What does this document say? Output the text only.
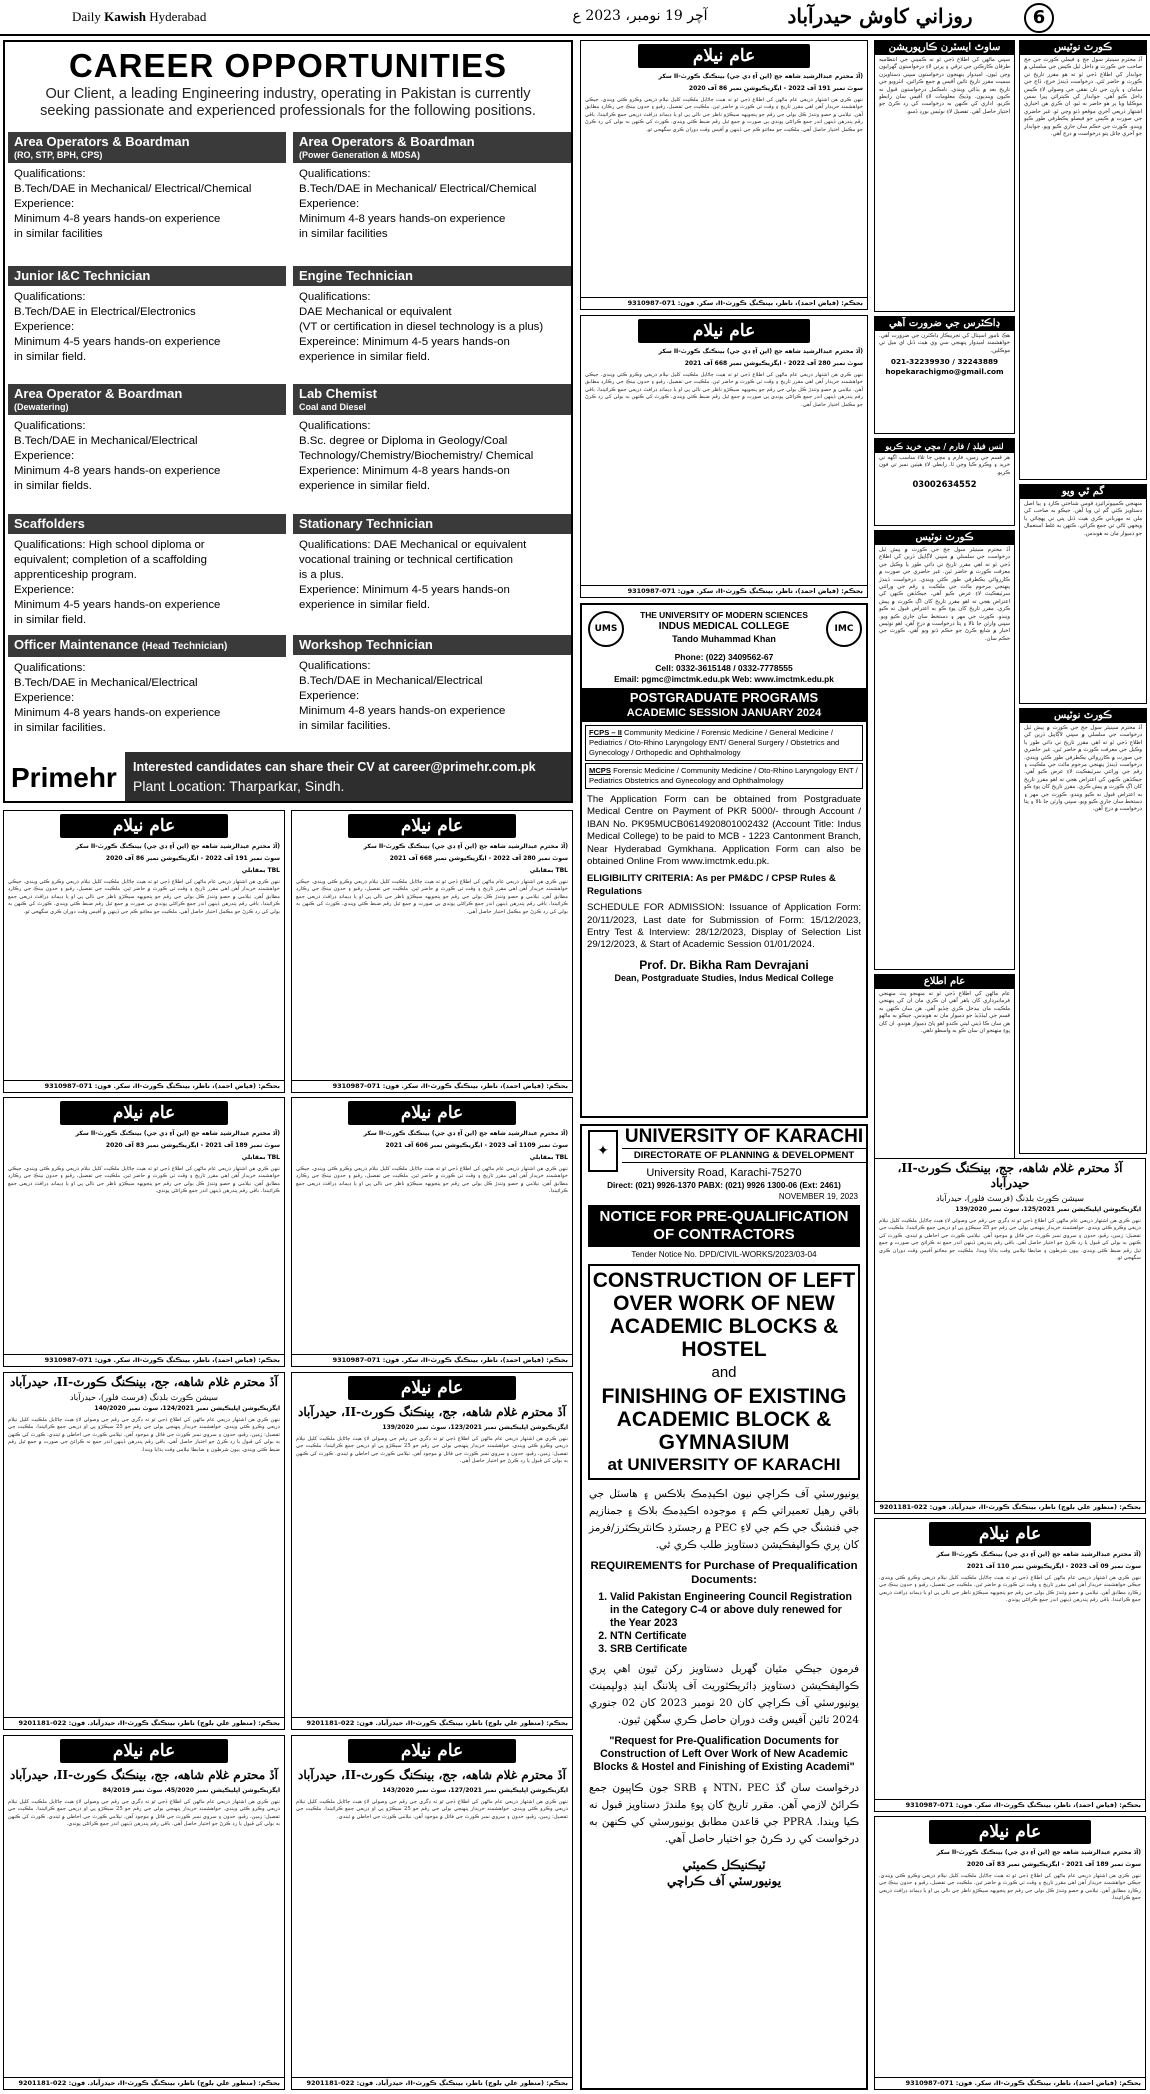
Daily Kawish Hyderabad	آچر 19 نومبر، 2023 ع	روزاني كاوش حيدرآباد	6
CAREER OPPORTUNITIES
Our Client, a leading Engineering industry, operating in Pakistan is currently seeking passionate and experienced professionals for the following positions.
Area Operators & Boardman
(RO, STP, BPH, CPS)
Qualifications:
B.Tech/DAE in Mechanical/ Electrical/Chemical
Experience:
Minimum 4-8 years hands-on experience
in similar facilities
Area Operators & Boardman
(Power Generation & MDSA)
Qualifications:
B.Tech/DAE in Mechanical/ Electrical/Chemical
Experience:
Minimum 4-8 years hands-on experience
in similar facilities
Junior I&C Technician
Qualifications:
B.Tech/DAE in Electrical/Electronics
Experience:
Minimum 4-5 years hands-on experience
in similar field.
Engine Technician
Qualifications:
DAE Mechanical or equivalent
(VT or certification in diesel technology is a plus)
Expereince: Minimum 4-5 years hands-on
experience in similar field.
Area Operator & Boardman
(Dewatering)
Qualifications:
B.Tech/DAE in Mechanical/Electrical
Experience:
Minimum 4-8 years hands-on experience
in similar fields.
Lab Chemist
Coal and Diesel
Qualifications:
B.Sc. degree or Diploma in Geology/Coal
Technology/Chemistry/Biochemistry/ Chemical
Experience: Minimum 4-8 years hands-on
experience in similar field.
Scaffolders
Qualifications: High school diploma or
equivalent; completion of a scaffolding
apprenticeship program.
Experience:
Minimum 4-5 years hands-on experience
in similar field.
Stationary Technician
Qualifications: DAE Mechanical or equivalent
vocational training or technical certification
is a plus.
Experience: Minimum 4-5 years hands-on
experience in similar field.
Officer Maintenance (Head Technician)
Qualifications:
B.Tech/DAE in Mechanical/Electrical
Experience:
Minimum 4-8 years hands-on experience
in similar facilities.
Workshop Technician
Qualifications:
B.Tech/DAE in Mechanical/Electrical
Experience:
Minimum 4-8 years hands-on experience
in similar facilities.
Primehr	Interested candidates can share their CV at career@primehr.com.pk
Plant Location: Tharparkar, Sindh.
عام نيلام
(آڏ محترم عبدالرشيد شاهه جج (اين آءِ ڊي جي) بينڪنگ ڪورٽ-II سکر
سوٽ نمبر 191 آف 2022 - ايگزيڪيوشن نمبر 86 آف 2020
TBL بمقابلي
ننهن ڪري هن اشتهار ذريعي عام ماڻهن کي اطلاع ڏجي ٿو ته هيٺ ڄاڻايل ملڪيت کليل نيلام ذريعي وڪرو ڪئي ويندي. جيڪي خواهشمند خريدار آهن اهي مقرر تاريخ ۽ وقت تي ڪورٽ ۾ حاضر ٿين. ملڪيت جي تفصيل، رقبو ۽ حدون بينڪ جي رڪارڊ مطابق آهن. نيلامي ۾ حصو وٺندڙ ڪل بولي جي رقم جو پنجويهه سيڪڙو ناظر جي نالي پي او يا ڊيمانڊ ڊرافٽ ذريعي جمع ڪرائيندا. باقي رقم پندرهن ڏينهن اندر جمع ڪرائڻي پوندي ٻي صورت ۾ جمع ٿيل رقم ضبط ڪئي ويندي. ڪورٽ کي ڪنهن به بولي کي رد ڪرڻ جو مڪمل اختيار حاصل آهي. ملڪيت جو معائنو ڪم جي ڏينهن ۾ آفيس وقت دوران ڪري سگهجي ٿو.
بحڪم: (فياض احمد)، ناظر، بينڪنگ ڪورٽ-II، سکر. فون: 071-9310987
عام نيلام
(آڏ محترم عبدالرشيد شاهه جج (اين آءِ ڊي جي) بينڪنگ ڪورٽ-II سکر
سوٽ نمبر 280 آف 2022 - ايگزيڪيوشن نمبر 668 آف 2021
TBL بمقابلي
ننهن ڪري هن اشتهار ذريعي عام ماڻهن کي اطلاع ڏجي ٿو ته هيٺ ڄاڻايل ملڪيت کليل نيلام ذريعي وڪرو ڪئي ويندي. جيڪي خواهشمند خريدار آهن اهي مقرر تاريخ ۽ وقت تي ڪورٽ ۾ حاضر ٿين. ملڪيت جي تفصيل، رقبو ۽ حدون بينڪ جي رڪارڊ مطابق آهن. نيلامي ۾ حصو وٺندڙ ڪل بولي جي رقم جو پنجويهه سيڪڙو ناظر جي نالي پي او يا ڊيمانڊ ڊرافٽ ذريعي جمع ڪرائيندا. باقي رقم پندرهن ڏينهن اندر جمع ڪرائڻي پوندي ٻي صورت ۾ جمع ٿيل رقم ضبط ڪئي ويندي. ڪورٽ کي ڪنهن به بولي کي رد ڪرڻ جو مڪمل اختيار حاصل آهي.
بحڪم: (فياض احمد)، ناظر، بينڪنگ ڪورٽ-II، سکر. فون: 071-9310987
عام نيلام
(آڏ محترم عبدالرشيد شاهه جج (اين آءِ ڊي جي) بينڪنگ ڪورٽ-II سکر
سوٽ نمبر 189 آف 2021 - ايگزيڪيوشن نمبر 83 آف 2020
TBL بمقابلي
ننهن ڪري هن اشتهار ذريعي عام ماڻهن کي اطلاع ڏجي ٿو ته هيٺ ڄاڻايل ملڪيت کليل نيلام ذريعي وڪرو ڪئي ويندي. جيڪي خواهشمند خريدار آهن اهي مقرر تاريخ ۽ وقت تي ڪورٽ ۾ حاضر ٿين. ملڪيت جي تفصيل، رقبو ۽ حدون بينڪ جي رڪارڊ مطابق آهن. نيلامي ۾ حصو وٺندڙ ڪل بولي جي رقم جو پنجويهه سيڪڙو ناظر جي نالي پي او يا ڊيمانڊ ڊرافٽ ذريعي جمع ڪرائيندا. باقي رقم پندرهن ڏينهن اندر جمع ڪرائڻي پوندي.
بحڪم: (فياض احمد)، ناظر، بينڪنگ ڪورٽ-II، سکر. فون: 071-9310987
عام نيلام
(آڏ محترم عبدالرشيد شاهه جج (اين آءِ ڊي جي) بينڪنگ ڪورٽ-II سکر
سوٽ نمبر 1109 آف 2023 - ايگزيڪيوشن نمبر 606 آف 2021
TBL بمقابلي
ننهن ڪري هن اشتهار ذريعي عام ماڻهن کي اطلاع ڏجي ٿو ته هيٺ ڄاڻايل ملڪيت کليل نيلام ذريعي وڪرو ڪئي ويندي. جيڪي خواهشمند خريدار آهن اهي مقرر تاريخ ۽ وقت تي ڪورٽ ۾ حاضر ٿين. ملڪيت جي تفصيل، رقبو ۽ حدون بينڪ جي رڪارڊ مطابق آهن. نيلامي ۾ حصو وٺندڙ ڪل بولي جي رقم جو پنجويهه سيڪڙو ناظر جي نالي پي او يا ڊيمانڊ ڊرافٽ ذريعي جمع ڪرائيندا.
بحڪم: (فياض احمد)، ناظر، بينڪنگ ڪورٽ-II، سکر. فون: 071-9310987
آڏ محترم غلام شاهه، جج، بينڪنگ ڪورٽ-II، حيدرآباد
سيشن ڪورٽ بلڊنگ (فرسٽ فلور)، حيدرآباد
ايگزيڪيوشن اپليڪيشن نمبر 124/2021، سوٽ نمبر 140/2020
ننهن ڪري هن اشتهار ذريعي عام ماڻهن کي اطلاع ڏجي ٿو ته ڊگري جي رقم جي وصولي لاءِ هيٺ ڄاڻايل ملڪيت کليل نيلام ذريعي وڪرو ڪئي ويندي. خواهشمند خريدار پنهنجي بولي جي رقم جو 25 سيڪڙو پي او ذريعي جمع ڪرائيندا. ملڪيت جي تفصيل: زمين، رقبو، حدون ۽ سروي نمبر ڪورٽ جي فائل ۾ موجود آهن. نيلامي ڪورٽ جي احاطي ۾ ٿيندي. ڪورٽ کي ڪنهن به بولي کي قبول يا رد ڪرڻ جو اختيار حاصل آهي. باقي رقم پندرهن ڏينهن اندر جمع نه ڪرائڻ جي صورت ۾ جمع ٿيل رقم ضبط ڪئي ويندي. ٻيون شرطون ۽ ضابطا نيلامي وقت ٻڌايا ويندا.
بحڪم: (منظور علي بلوچ) ناظر، بينڪنگ ڪورٽ-II، حيدرآباد. فون: 022-9201181
عام نيلام
آڏ محترم غلام شاهه، جج، بينڪنگ ڪورٽ-II، حيدرآباد
ايگزيڪيوشن اپليڪيشن نمبر 123/2021، سوٽ نمبر 139/2020
ننهن ڪري هن اشتهار ذريعي عام ماڻهن کي اطلاع ڏجي ٿو ته ڊگري جي رقم جي وصولي لاءِ هيٺ ڄاڻايل ملڪيت کليل نيلام ذريعي وڪرو ڪئي ويندي. خواهشمند خريدار پنهنجي بولي جي رقم جو 25 سيڪڙو پي او ذريعي جمع ڪرائيندا. ملڪيت جي تفصيل: زمين، رقبو، حدون ۽ سروي نمبر ڪورٽ جي فائل ۾ موجود آهن. نيلامي ڪورٽ جي احاطي ۾ ٿيندي. ڪورٽ کي ڪنهن به بولي کي قبول يا رد ڪرڻ جو اختيار حاصل آهي.
بحڪم: (منظور علي بلوچ) ناظر، بينڪنگ ڪورٽ-II، حيدرآباد. فون: 022-9201181
عام نيلام
آڏ محترم غلام شاهه، جج، بينڪنگ ڪورٽ-II، حيدرآباد
ايگزيڪيوشن اپليڪيشن نمبر 45/2020، سوٽ نمبر 84/2019
ننهن ڪري هن اشتهار ذريعي عام ماڻهن کي اطلاع ڏجي ٿو ته ڊگري جي رقم جي وصولي لاءِ هيٺ ڄاڻايل ملڪيت کليل نيلام ذريعي وڪرو ڪئي ويندي. خواهشمند خريدار پنهنجي بولي جي رقم جو 25 سيڪڙو پي او ذريعي جمع ڪرائيندا. ملڪيت جي تفصيل: زمين، رقبو، حدون ۽ سروي نمبر ڪورٽ جي فائل ۾ موجود آهن. نيلامي ڪورٽ جي احاطي ۾ ٿيندي. ڪورٽ کي ڪنهن به بولي کي قبول يا رد ڪرڻ جو اختيار حاصل آهي. باقي رقم پندرهن ڏينهن اندر جمع ڪرائڻي پوندي.
بحڪم: (منظور علي بلوچ) ناظر، بينڪنگ ڪورٽ-II، حيدرآباد. فون: 022-9201181
عام نيلام
آڏ محترم غلام شاهه، جج، بينڪنگ ڪورٽ-II، حيدرآباد
ايگزيڪيوشن اپليڪيشن نمبر 127/2021، سوٽ نمبر 143/2020
ننهن ڪري هن اشتهار ذريعي عام ماڻهن کي اطلاع ڏجي ٿو ته ڊگري جي رقم جي وصولي لاءِ هيٺ ڄاڻايل ملڪيت کليل نيلام ذريعي وڪرو ڪئي ويندي. خواهشمند خريدار پنهنجي بولي جي رقم جو 25 سيڪڙو پي او ذريعي جمع ڪرائيندا. ملڪيت جي تفصيل: زمين، رقبو، حدون ۽ سروي نمبر ڪورٽ جي فائل ۾ موجود آهن. نيلامي ڪورٽ جي احاطي ۾ ٿيندي.
بحڪم: (منظور علي بلوچ) ناظر، بينڪنگ ڪورٽ-II، حيدرآباد. فون: 022-9201181
عام نيلام
(آڏ محترم عبدالرشيد شاهه جج (اين آءِ ڊي جي) بينڪنگ ڪورٽ-II سکر
سوٽ نمبر 191 آف 2022 - ايگزيڪيوشن نمبر 86 آف 2020
ننهن ڪري هن اشتهار ذريعي عام ماڻهن کي اطلاع ڏجي ٿو ته هيٺ ڄاڻايل ملڪيت کليل نيلام ذريعي وڪرو ڪئي ويندي. جيڪي خواهشمند خريدار آهن اهي مقرر تاريخ ۽ وقت تي ڪورٽ ۾ حاضر ٿين. ملڪيت جي تفصيل، رقبو ۽ حدون بينڪ جي رڪارڊ مطابق آهن. نيلامي ۾ حصو وٺندڙ ڪل بولي جي رقم جو پنجويهه سيڪڙو ناظر جي نالي پي او يا ڊيمانڊ ڊرافٽ ذريعي جمع ڪرائيندا. باقي رقم پندرهن ڏينهن اندر جمع ڪرائڻي پوندي ٻي صورت ۾ جمع ٿيل رقم ضبط ڪئي ويندي. ڪورٽ کي ڪنهن به بولي کي رد ڪرڻ جو مڪمل اختيار حاصل آهي. ملڪيت جو معائنو ڪم جي ڏينهن ۾ آفيس وقت دوران ڪري سگهجي ٿو.
بحڪم: (فياض احمد)، ناظر، بينڪنگ ڪورٽ-II، سکر. فون: 071-9310987
عام نيلام
(آڏ محترم عبدالرشيد شاهه جج (اين آءِ ڊي جي) بينڪنگ ڪورٽ-II سکر
سوٽ نمبر 280 آف 2022 - ايگزيڪيوشن نمبر 668 آف 2021
ننهن ڪري هن اشتهار ذريعي عام ماڻهن کي اطلاع ڏجي ٿو ته هيٺ ڄاڻايل ملڪيت کليل نيلام ذريعي وڪرو ڪئي ويندي. جيڪي خواهشمند خريدار آهن اهي مقرر تاريخ ۽ وقت تي ڪورٽ ۾ حاضر ٿين. ملڪيت جي تفصيل، رقبو ۽ حدون بينڪ جي رڪارڊ مطابق آهن. نيلامي ۾ حصو وٺندڙ ڪل بولي جي رقم جو پنجويهه سيڪڙو ناظر جي نالي پي او يا ڊيمانڊ ڊرافٽ ذريعي جمع ڪرائيندا. باقي رقم پندرهن ڏينهن اندر جمع ڪرائڻي پوندي ٻي صورت ۾ جمع ٿيل رقم ضبط ڪئي ويندي. ڪورٽ کي ڪنهن به بولي کي رد ڪرڻ جو مڪمل اختيار حاصل آهي.
بحڪم: (فياض احمد)، ناظر، بينڪنگ ڪورٽ-II، سکر. فون: 071-9310987
UMS	IMC
THE UNIVERSITY OF MODERN SCIENCES
INDUS MEDICAL COLLEGE
Tando Muhammad Khan
Phone: (022) 3409562-67
Cell: 0332-3615148 / 0332-7778555
Email: pgmc@imctmk.edu.pk Web: www.imctmk.edu.pk
POSTGRADUATE PROGRAMS
ACADEMIC SESSION JANUARY 2024
FCPS – II Community Medicine / Forensic Medicine / General Medicine / Pediatrics / Oto-Rhino Laryngology ENT/ General Surgery / Obstetrics and Gynecology / Orthopedic and Ophthalmology
MCPS Forensic Medicine / Community Medicine / Oto-Rhino Laryngology ENT / Pediatrics Obstetrics and Gynecology and Ophthalmology
The Application Form can be obtained from Postgraduate Medical Centre on Payment of PKR 5000/- through Account / IBAN No. PK95MUCB0614920801002432 (Account Title: Indus Medical College) to be paid to MCB - 1223 Cantonment Branch, Near Hyderabad Gymkhana. Application Form can also be obtained Online From www.imctmk.edu.pk.
ELIGIBILITY CRITERIA: As per PM&DC / CPSP Rules & Regulations
SCHEDULE FOR ADMISSION: Issuance of Application Form: 20/11/2023, Last date for Submission of Form: 15/12/2023, Entry Test & Interview: 28/12/2023, Display of Selection List 29/12/2023, & Start of Academic Session 01/01/2024.
Prof. Dr. Bikha Ram Devrajani
Dean, Postgraduate Studies, Indus Medical College
✦
UNIVERSITY OF KARACHI
DIRECTORATE OF PLANNING & DEVELOPMENT
University Road, Karachi-75270
Direct: (021) 9926-1370 PABX: (021) 9926 1300-06 (Ext: 2461)
NOVEMBER 19, 2023
NOTICE FOR PRE-QUALIFICATION OF CONTRACTORS
Tender Notice No. DPD/CIVIL-WORKS/2023/03-04
CONSTRUCTION OF LEFT OVER WORK OF NEW ACADEMIC BLOCKS & HOSTEL
and
FINISHING OF EXISTING ACADEMIC BLOCK & GYMNASIUM
at UNIVERSITY OF KARACHI
يونيورسٽي آف ڪراچي نيون اڪيڊمڪ بلاڪس ۽ هاسٽل جي باقي رهيل تعميراتي ڪم ۽ موجوده اڪيڊمڪ بلاڪ ۽ جمنازيم جي فنشنگ جي ڪم جي لاءِ PEC ۾ رجسٽرڊ ڪانٽريڪٽرز/فرمز کان پري ڪواليفڪيشن دستاويز طلب ڪري ٿي.
REQUIREMENTS for Purchase of Prequalification Documents:
1. Valid Pakistan Engineering Council Registration in the Category C-4 or above duly renewed for the Year 2023
2. NTN Certificate
3. SRB Certificate
فرمون جيڪي مٿيان گهربل دستاويز رکن ٿيون اهي پري ڪواليفڪيشن دستاويز ڊائريڪٽوريٽ آف پلاننگ اينڊ ڊولپمينٽ يونيورسٽي آف ڪراچي کان 20 نومبر 2023 کان 02 جنوري 2024 تائين آفيس وقت دوران حاصل ڪري سگهن ٿيون.
"Request for Pre-Qualification Documents for Construction of Left Over Work of New Academic Blocks & Hostel and Finishing of Existing Academi"
درخواست سان گڏ NTN، PEC ۽ SRB جون ڪاپيون جمع ڪرائڻ لازمي آهن. مقرر تاريخ کان پوءِ ملندڙ دستاويز قبول نه ڪيا ويندا. PPRA جي قاعدن مطابق يونيورسٽي کي ڪنهن به درخواست کي رد ڪرڻ جو اختيار حاصل آهي.
ٽيڪنيڪل ڪميٽي
يونيورسٽي آف ڪراچي
ساوٿ ايسٽرن ڪارپوريشن
سڀني ماڻهن کي اطلاع ڏجي ٿو ته ڪمپني جي انتظاميه طرفان ڪارڪنن جي ترقي ۽ ڀرتي لاءِ درخواستون گهرايون وڃن ٿيون. اميدوار پنهنجون درخواستون سڀني دستاويزن سميت مقرر تاريخ تائين آفيس ۾ جمع ڪرائين. انٽرويو جي تاريخ بعد ۾ ٻڌائي ويندي. نامڪمل درخواستون قبول نه ڪيون وينديون. وڌيڪ معلومات لاءِ آفيس سان رابطو ڪريو. اداري کي ڪنهن به درخواست کي رد ڪرڻ جو اختيار حاصل آهي. تفصيل لاءِ نوٽيس بورڊ ڏسو.
ڊاڪٽرس جي ضرورت آهي
هڪ نامور اسپتال کي تجربيڪار ڊاڪٽرن جي ضرورت آهي. خواهشمند اميدوار پنهنجي سي وي هيٺ ڏنل اي ميل تي موڪلين.
021-32239930 / 32243889
hopekarachigmo@gmail.com
لنس فيلڊ / فارم / مڇي خريد ڪريو
هر قسم جي زمين، فارم ۽ مڇي جا تلاءَ مناسب اگهه تي خريد ۽ وڪرو ڪيا وڃن ٿا. رابطي لاءِ هيٺين نمبر تي فون ڪريو.
03002634552
ڪورٽ نوٽيس
آڏ محترم سينيئر سول جج جي ڪورٽ ۾ پيش ٿيل درخواست جي سلسلي ۾ سڀني لاڳاپيل ڌرين کي اطلاع ڏجي ٿو ته اهي مقرر تاريخ تي ذاتي طور يا وڪيل جي معرفت ڪورٽ ۾ حاضر ٿين. غير حاضري جي صورت ۾ ڪارروائي يڪطرفي طور ڪئي ويندي. درخواست ڏيندڙ پنهنجي مرحوم مائٽ جي ملڪيت ۽ رقم جي وراثتي سرٽيفڪيٽ لاءِ عرض ڪيو آهي. جيڪڏهن ڪنهن کي اعتراض هجي ته اهو مقرر تاريخ کان اڳ ڪورٽ ۾ پيش ڪري. مقرر تاريخ کان پوءِ ڪو به اعتراض قبول نه ڪيو ويندو. ڪورٽ جي مهر ۽ دستخط سان جاري ڪيو ويو. سڀني وارثن جا نالا ۽ پتا درخواست ۾ درج آهن. اهو نوٽيس اخبار ۾ شايع ڪرڻ جو حڪم ڏنو ويو آهي. ڪورٽ جي حڪم سان.
عام اطلاع
عام ماڻهن کي اطلاع ڏجي ٿو ته منهنجو پٽ منهنجي فرمانبرداري کان ٻاهر آهي ان ڪري مان ان کي پنهنجي ملڪيت مان بيدخل ڪري ڇڏيو آهي. هن سان ڪنهن به قسم جي ليڏڏيڏ جو ذميوار مان نه هوندس. جيڪو به ماڻهو هن سان ڪا ڏيتي ليتي ڪندو اهو پاڻ ذميوار هوندو. ان کان پوءِ منهنجو ان سان ڪو به واسطو ناهي.
آڏ محترم غلام شاهه، جج، بينڪنگ ڪورٽ-II، حيدرآباد
سيشن ڪورٽ بلڊنگ (فرسٽ فلور)، حيدرآباد
ايگزيڪيوشن اپليڪيشن نمبر 125/2021، سوٽ نمبر 139/2020
ننهن ڪري هن اشتهار ذريعي عام ماڻهن کي اطلاع ڏجي ٿو ته ڊگري جي رقم جي وصولي لاءِ هيٺ ڄاڻايل ملڪيت کليل نيلام ذريعي وڪرو ڪئي ويندي. خواهشمند خريدار پنهنجي بولي جي رقم جو 25 سيڪڙو پي او ذريعي جمع ڪرائيندا. ملڪيت جي تفصيل: زمين، رقبو، حدون ۽ سروي نمبر ڪورٽ جي فائل ۾ موجود آهن. نيلامي ڪورٽ جي احاطي ۾ ٿيندي. ڪورٽ کي ڪنهن به بولي کي قبول يا رد ڪرڻ جو اختيار حاصل آهي. باقي رقم پندرهن ڏينهن اندر جمع نه ڪرائڻ جي صورت ۾ جمع ٿيل رقم ضبط ڪئي ويندي. ٻيون شرطون ۽ ضابطا نيلامي وقت ٻڌايا ويندا. ملڪيت جو معائنو آفيس وقت دوران ڪري سگهجي ٿو.
بحڪم: (منظور علي بلوچ) ناظر، بينڪنگ ڪورٽ-II، حيدرآباد. فون: 022-9201181
عام نيلام
(آڏ محترم عبدالرشيد شاهه جج (اين آءِ ڊي جي) بينڪنگ ڪورٽ-II سکر
سوٽ نمبر 09 آف 2023 - ايگزيڪيوشن نمبر 110 آف 2021
ننهن ڪري هن اشتهار ذريعي عام ماڻهن کي اطلاع ڏجي ٿو ته هيٺ ڄاڻايل ملڪيت کليل نيلام ذريعي وڪرو ڪئي ويندي. جيڪي خواهشمند خريدار آهن اهي مقرر تاريخ ۽ وقت تي ڪورٽ ۾ حاضر ٿين. ملڪيت جي تفصيل، رقبو ۽ حدون بينڪ جي رڪارڊ مطابق آهن. نيلامي ۾ حصو وٺندڙ ڪل بولي جي رقم جو پنجويهه سيڪڙو ناظر جي نالي پي او يا ڊيمانڊ ڊرافٽ ذريعي جمع ڪرائيندا. باقي رقم پندرهن ڏينهن اندر جمع ڪرائڻي پوندي.
بحڪم: (فياض احمد)، ناظر، بينڪنگ ڪورٽ-II، سکر. فون: 071-9310987
عام نيلام
(آڏ محترم عبدالرشيد شاهه جج (اين آءِ ڊي جي) بينڪنگ ڪورٽ-II سکر
سوٽ نمبر 189 آف 2021 - ايگزيڪيوشن نمبر 83 آف 2020
ننهن ڪري هن اشتهار ذريعي عام ماڻهن کي اطلاع ڏجي ٿو ته هيٺ ڄاڻايل ملڪيت کليل نيلام ذريعي وڪرو ڪئي ويندي. جيڪي خواهشمند خريدار آهن اهي مقرر تاريخ ۽ وقت تي ڪورٽ ۾ حاضر ٿين. ملڪيت جي تفصيل، رقبو ۽ حدون بينڪ جي رڪارڊ مطابق آهن. نيلامي ۾ حصو وٺندڙ ڪل بولي جي رقم جو پنجويهه سيڪڙو ناظر جي نالي پي او يا ڊيمانڊ ڊرافٽ ذريعي جمع ڪرائيندا.
بحڪم: (فياض احمد)، ناظر، بينڪنگ ڪورٽ-II، سکر. فون: 071-9310987
ڪورٽ نوٽيس
آڏ محترم سينيئر سول جج ۽ فيملي ڪورٽ جي جج صاحب جي ڪورٽ ۾ داخل ٿيل ڪيس جي سلسلي ۾ جوابدار کي اطلاع ڏجي ٿو ته هو مقرر تاريخ تي ڪورٽ ۾ حاضر ٿئي. درخواست ڏيندڙ خرچ، ڏاج جي سامان ۽ ٻارن جي نان نفقي جي وصولي لاءِ ڪيس داخل ڪيو آهي. جوابدار کي ڪيترائي ڀيرا سمن موڪليا ويا پر هو حاضر نه ٿيو. ان ڪري هن اخباري اشتهار ذريعي آخري موقعو ڏنو وڃي ٿو. غير حاضري جي صورت ۾ ڪيس جو فيصلو يڪطرفي طور ڪيو ويندو. ڪورٽ جي حڪم سان جاري ڪيو ويو. جوابدار جو آخري ڄاتل پتو درخواست ۾ درج آهي.
گم ٿي ويو
منهنجي ڪمپيوٽرائيزڊ قومي شناختي ڪارڊ ۽ ٻيا اصل دستاويز ڪٿي گم ٿي ويا آهن. جيڪو به صاحب کي ملن ته مهرباني ڪري هيٺ ڏنل پتي تي پهچائي يا ويجهي ٿاڻي تي جمع ڪرائي. ڪنهن به غلط استعمال جو ذميوار مان نه هوندس.
ڪورٽ نوٽيس
آڏ محترم سينيئر سول جج جي ڪورٽ ۾ پيش ٿيل درخواست جي سلسلي ۾ سڀني لاڳاپيل ڌرين کي اطلاع ڏجي ٿو ته اهي مقرر تاريخ تي ذاتي طور يا وڪيل جي معرفت ڪورٽ ۾ حاضر ٿين. غير حاضري جي صورت ۾ ڪارروائي يڪطرفي طور ڪئي ويندي. درخواست ڏيندڙ پنهنجي مرحوم مائٽ جي ملڪيت ۽ رقم جي وراثتي سرٽيفڪيٽ لاءِ عرض ڪيو آهي. جيڪڏهن ڪنهن کي اعتراض هجي ته اهو مقرر تاريخ کان اڳ ڪورٽ ۾ پيش ڪري. مقرر تاريخ کان پوءِ ڪو به اعتراض قبول نه ڪيو ويندو. ڪورٽ جي مهر ۽ دستخط سان جاري ڪيو ويو. سڀني وارثن جا نالا ۽ پتا درخواست ۾ درج آهن.
